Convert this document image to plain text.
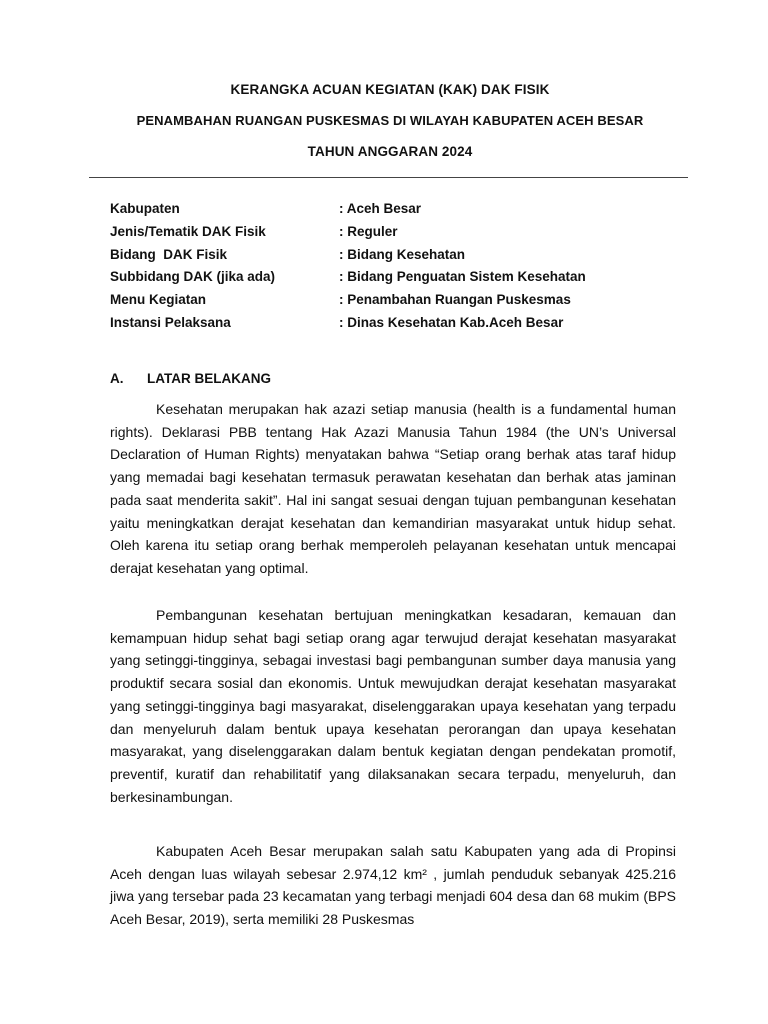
KERANGKA ACUAN KEGIATAN (KAK) DAK FISIK
PENAMBAHAN RUANGAN PUSKESMAS DI WILAYAH KABUPATEN ACEH BESAR
TAHUN ANGGARAN 2024
Kabupaten	: Aceh Besar
Jenis/Tematik DAK Fisik	: Reguler
Bidang  DAK Fisik	: Bidang Kesehatan
Subbidang DAK (jika ada)	: Bidang Penguatan Sistem Kesehatan
Menu Kegiatan	: Penambahan Ruangan Puskesmas
Instansi Pelaksana	: Dinas Kesehatan Kab.Aceh Besar
A. LATAR BELAKANG

Kesehatan merupakan hak azazi setiap manusia (health is a fundamental human rights). Deklarasi PBB tentang Hak Azazi Manusia Tahun 1984 (the UN’s Universal Declaration of Human Rights) menyatakan bahwa “Setiap orang berhak atas taraf hidup yang memadai bagi kesehatan termasuk perawatan kesehatan dan berhak atas jaminan pada saat menderita sakit”. Hal ini sangat sesuai dengan tujuan pembangunan kesehatan yaitu meningkatkan derajat kesehatan dan kemandirian masyarakat untuk hidup sehat. Oleh karena itu setiap orang berhak memperoleh pelayanan kesehatan untuk mencapai derajat kesehatan yang optimal.

Pembangunan kesehatan bertujuan meningkatkan kesadaran, kemauan dan kemampuan hidup sehat bagi setiap orang agar terwujud derajat kesehatan masyarakat yang setinggi-tingginya, sebagai investasi bagi pembangunan sumber daya manusia yang produktif secara sosial dan ekonomis. Untuk mewujudkan derajat kesehatan masyarakat yang setinggi-tingginya bagi masyarakat, diselenggarakan upaya kesehatan yang terpadu dan menyeluruh dalam bentuk upaya kesehatan perorangan dan upaya kesehatan masyarakat, yang diselenggarakan dalam bentuk kegiatan dengan pendekatan promotif, preventif, kuratif dan rehabilitatif yang dilaksanakan secara terpadu, menyeluruh, dan berkesinambungan.

Kabupaten Aceh Besar merupakan salah satu Kabupaten yang ada di Propinsi Aceh dengan luas wilayah sebesar 2.974,12 km² , jumlah penduduk sebanyak 425.216 jiwa yang tersebar pada 23 kecamatan yang terbagi menjadi 604 desa dan 68 mukim (BPS Aceh Besar, 2019), serta memiliki 28 Puskesmas
